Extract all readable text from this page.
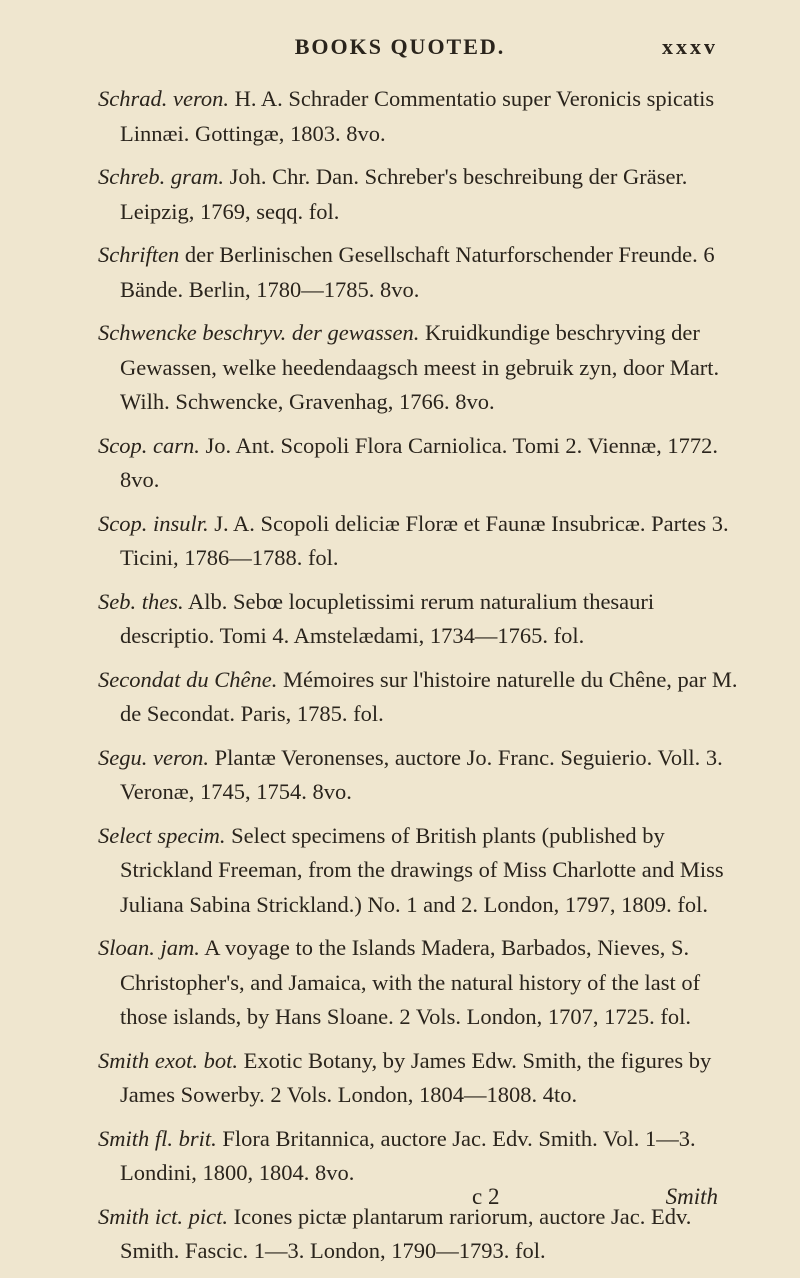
BOOKS QUOTED.	xxxv

Schrad. veron. H. A. Schrader Commentatio super Veronicis spicatis Linnæi. Gottingæ, 1803. 8vo.

Schreb. gram. Joh. Chr. Dan. Schreber's beschreibung der Gräser. Leipzig, 1769, seqq. fol.

Schriften der Berlinischen Gesellschaft Naturforschender Freunde. 6 Bände. Berlin, 1780—1785. 8vo.

Schwencke beschryv. der gewassen. Kruidkundige beschryving der Gewassen, welke heedendaagsch meest in gebruik zyn, door Mart. Wilh. Schwencke, Gravenhag, 1766. 8vo.

Scop. carn. Jo. Ant. Scopoli Flora Carniolica. Tomi 2. Viennæ, 1772. 8vo.

Scop. insulr. J. A. Scopoli deliciæ Floræ et Faunæ Insubricæ. Partes 3. Ticini, 1786—1788. fol.

Seb. thes. Alb. Sebœ locupletissimi rerum naturalium thesauri descriptio. Tomi 4. Amstelædami, 1734—1765. fol.

Secondat du Chêne. Mémoires sur l'histoire naturelle du Chêne, par M. de Secondat. Paris, 1785. fol.

Segu. veron. Plantæ Veronenses, auctore Jo. Franc. Seguierio. Voll. 3. Veronæ, 1745, 1754. 8vo.

Select specim. Select specimens of British plants (published by Strickland Freeman, from the drawings of Miss Charlotte and Miss Juliana Sabina Strickland.) No. 1 and 2. London, 1797, 1809. fol.

Sloan. jam. A voyage to the Islands Madera, Barbados, Nieves, S. Christopher's, and Jamaica, with the natural history of the last of those islands, by Hans Sloane. 2 Vols. London, 1707, 1725. fol.

Smith exot. bot. Exotic Botany, by James Edw. Smith, the figures by James Sowerby. 2 Vols. London, 1804—1808. 4to.

Smith fl. brit. Flora Britannica, auctore Jac. Edv. Smith. Vol. 1—3. Londini, 1800, 1804. 8vo.

Smith ict. pict. Icones pictæ plantarum rariorum, auctore Jac. Edv. Smith. Fascic. 1—3. London, 1790—1793. fol.

c 2	Smith
